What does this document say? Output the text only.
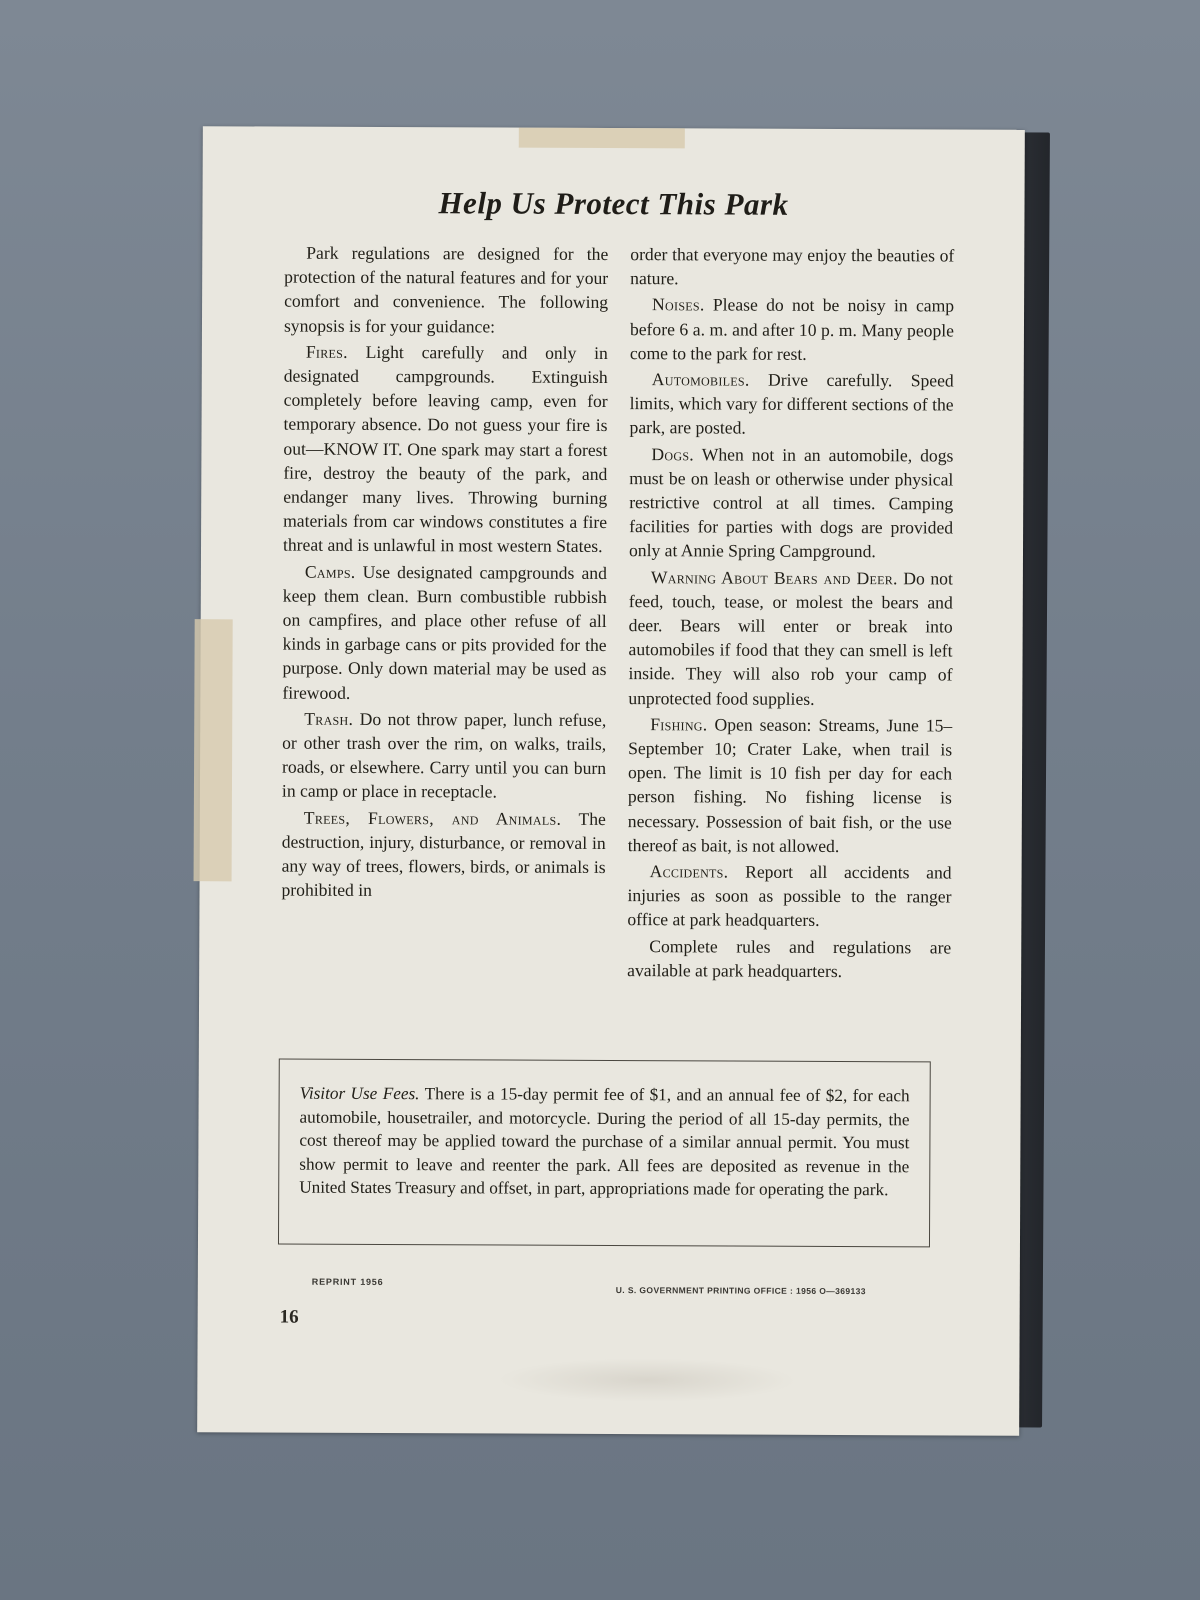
Help Us Protect This Park

Park regulations are designed for the protection of the natural features and for your comfort and convenience. The following synopsis is for your guidance:

Fires. Light carefully and only in designated campgrounds. Extinguish completely before leaving camp, even for temporary absence. Do not guess your fire is out—KNOW IT. One spark may start a forest fire, destroy the beauty of the park, and endanger many lives. Throwing burning materials from car windows constitutes a fire threat and is unlawful in most western States.

Camps. Use designated campgrounds and keep them clean. Burn combustible rubbish on campfires, and place other refuse of all kinds in garbage cans or pits provided for the purpose. Only down material may be used as firewood.

Trash. Do not throw paper, lunch refuse, or other trash over the rim, on walks, trails, roads, or elsewhere. Carry until you can burn in camp or place in receptacle.

Trees, Flowers, and Animals. The destruction, injury, disturbance, or removal in any way of trees, flowers, birds, or animals is prohibited in

order that everyone may enjoy the beauties of nature.

Noises. Please do not be noisy in camp before 6 a. m. and after 10 p. m. Many people come to the park for rest.

Automobiles. Drive carefully. Speed limits, which vary for different sections of the park, are posted.

Dogs. When not in an automobile, dogs must be on leash or otherwise under physical restrictive control at all times. Camping facilities for parties with dogs are provided only at Annie Spring Campground.

Warning About Bears and Deer. Do not feed, touch, tease, or molest the bears and deer. Bears will enter or break into automobiles if food that they can smell is left inside. They will also rob your camp of unprotected food supplies.

Fishing. Open season: Streams, June 15–September 10; Crater Lake, when trail is open. The limit is 10 fish per day for each person fishing. No fishing license is necessary. Possession of bait fish, or the use thereof as bait, is not allowed.

Accidents. Report all accidents and injuries as soon as possible to the ranger office at park headquarters.

Complete rules and regulations are available at park headquarters.

Visitor Use Fees. There is a 15-day permit fee of $1, and an annual fee of $2, for each automobile, housetrailer, and motorcycle. During the period of all 15-day permits, the cost thereof may be applied toward the purchase of a similar annual permit. You must show permit to leave and reenter the park. All fees are deposited as revenue in the United States Treasury and offset, in part, appropriations made for operating the park.
REPRINT 1956
U. S. GOVERNMENT PRINTING OFFICE : 1956 O—369133
16
